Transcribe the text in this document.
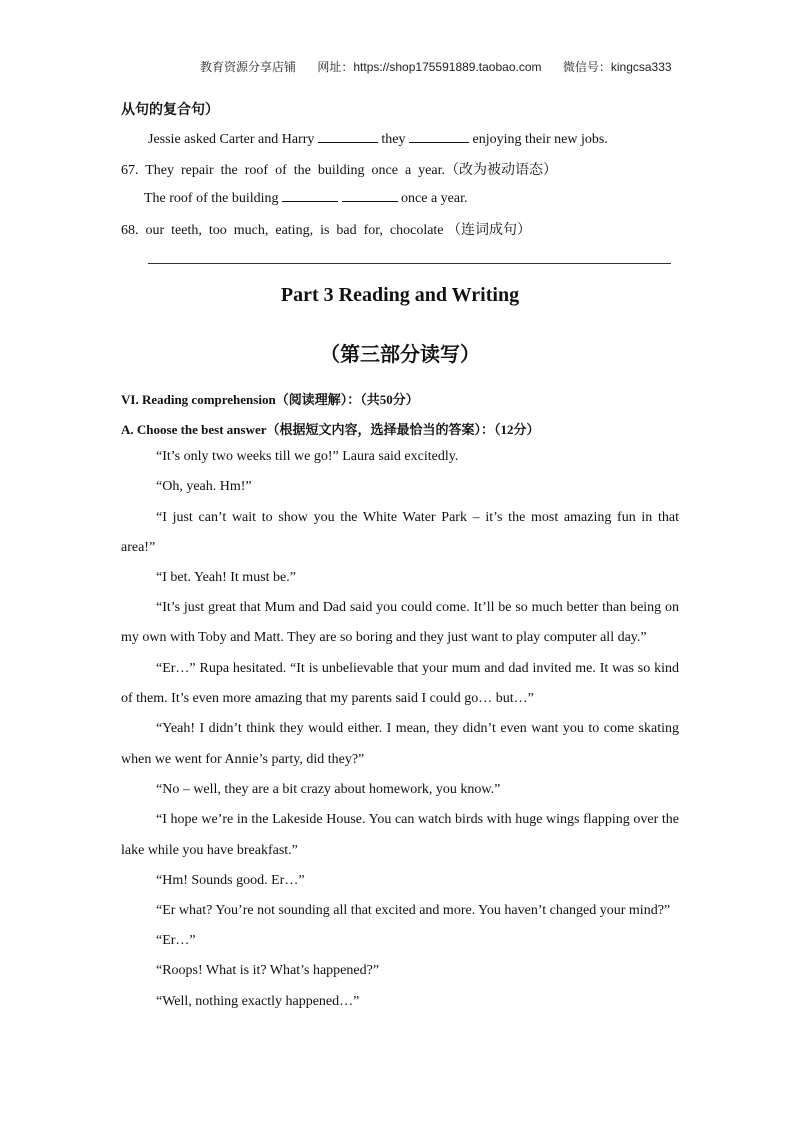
教育资源分享店铺 网址：https://shop175591889.taobao.com 微信号：kingcsa333
从句的复合句）
Jessie asked Carter and Harry	they	enjoying their new jobs.
67.  They  repair  the  roof  of  the  building  once  a  year.（改为被动语态）
The roof of the building	once a year.
68.  our  teeth,  too  much,  eating,  is  bad  for,  chocolate （连词成句）
Part 3 Reading and Writing
（第三部分读写）
VI. Reading comprehension（阅读理解）：（共50分）
A. Choose the best answer（根据短文内容，选择最恰当的答案）：（12分）
“It’s only two weeks till we go!” Laura said excitedly.
“Oh, yeah. Hm!”
“I just can’t wait to show you the White Water Park – it’s the most amazing fun in that
area!”
“I bet. Yeah! It must be.”
“It’s just great that Mum and Dad said you could come. It’ll be so much better than being on
my own with Toby and Matt. They are so boring and they just want to play computer all day.”
“Er…” Rupa hesitated. “It is unbelievable that your mum and dad invited me. It was so kind
of them. It’s even more amazing that my parents said I could go… but…”
“Yeah! I didn’t think they would either. I mean, they didn’t even want you to come skating
when we went for Annie’s party, did they?”
“No – well, they are a bit crazy about homework, you know.”
“I hope we’re in the Lakeside House. You can watch birds with huge wings flapping over the
lake while you have breakfast.”
“Hm! Sounds good. Er…”
“Er what? You’re not sounding all that excited and more. You haven’t changed your mind?”
“Er…”
“Roops! What is it? What’s happened?”
“Well, nothing exactly happened…”
